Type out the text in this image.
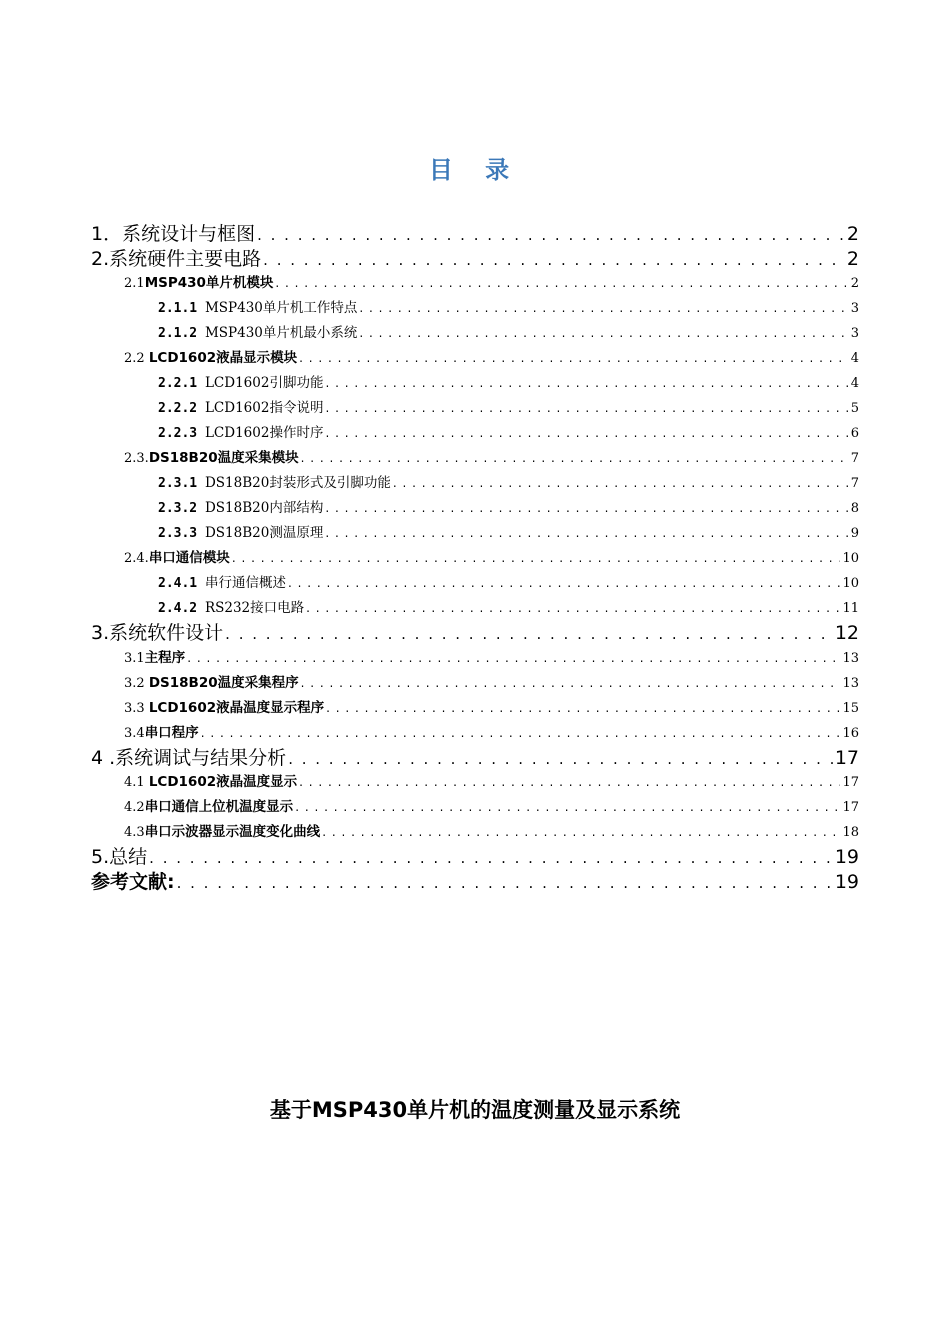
目 录
1．系统设计与框图 . . .	2
2.系统硬件主要电路 . . .	2
2.1MSP430单片机模块 . . .	2
2.1.1 MSP430单片机工作特点 . . .	3
2.1.2 MSP430单片机最小系统 . . .	3
2.2 LCD1602液晶显示模块 . . .	4
2.2.1 LCD1602引脚功能 . . .	4
2.2.2 LCD1602指令说明 . . .	5
2.2.3 LCD1602操作时序 . . .	6
2.3.DS18B20温度采集模块 . . .	7
2.3.1 DS18B20封装形式及引脚功能 . . .	7
2.3.2 DS18B20内部结构 . . .	8
2.3.3 DS18B20测温原理 . . .	9
2.4.串口通信模块 . . .	10
2.4.1 串行通信概述 . . .	10
2.4.2 RS232接口电路 . . .	11
3.系统软件设计 . . .	12
3.1主程序 . . .	13
3.2 DS18B20温度采集程序 . . .	13
3.3 LCD1602液晶温度显示程序 . . .	15
3.4串口程序 . . .	16
4 .系统调试与结果分析 . . .	17
4.1 LCD1602液晶温度显示 . . .	17
4.2串口通信上位机温度显示 . . .	17
4.3串口示波器显示温度变化曲线 . . .	18
5.总结 . . .	19
参考文献: . . .	19
基于MSP430单片机的温度测量及显示系统
